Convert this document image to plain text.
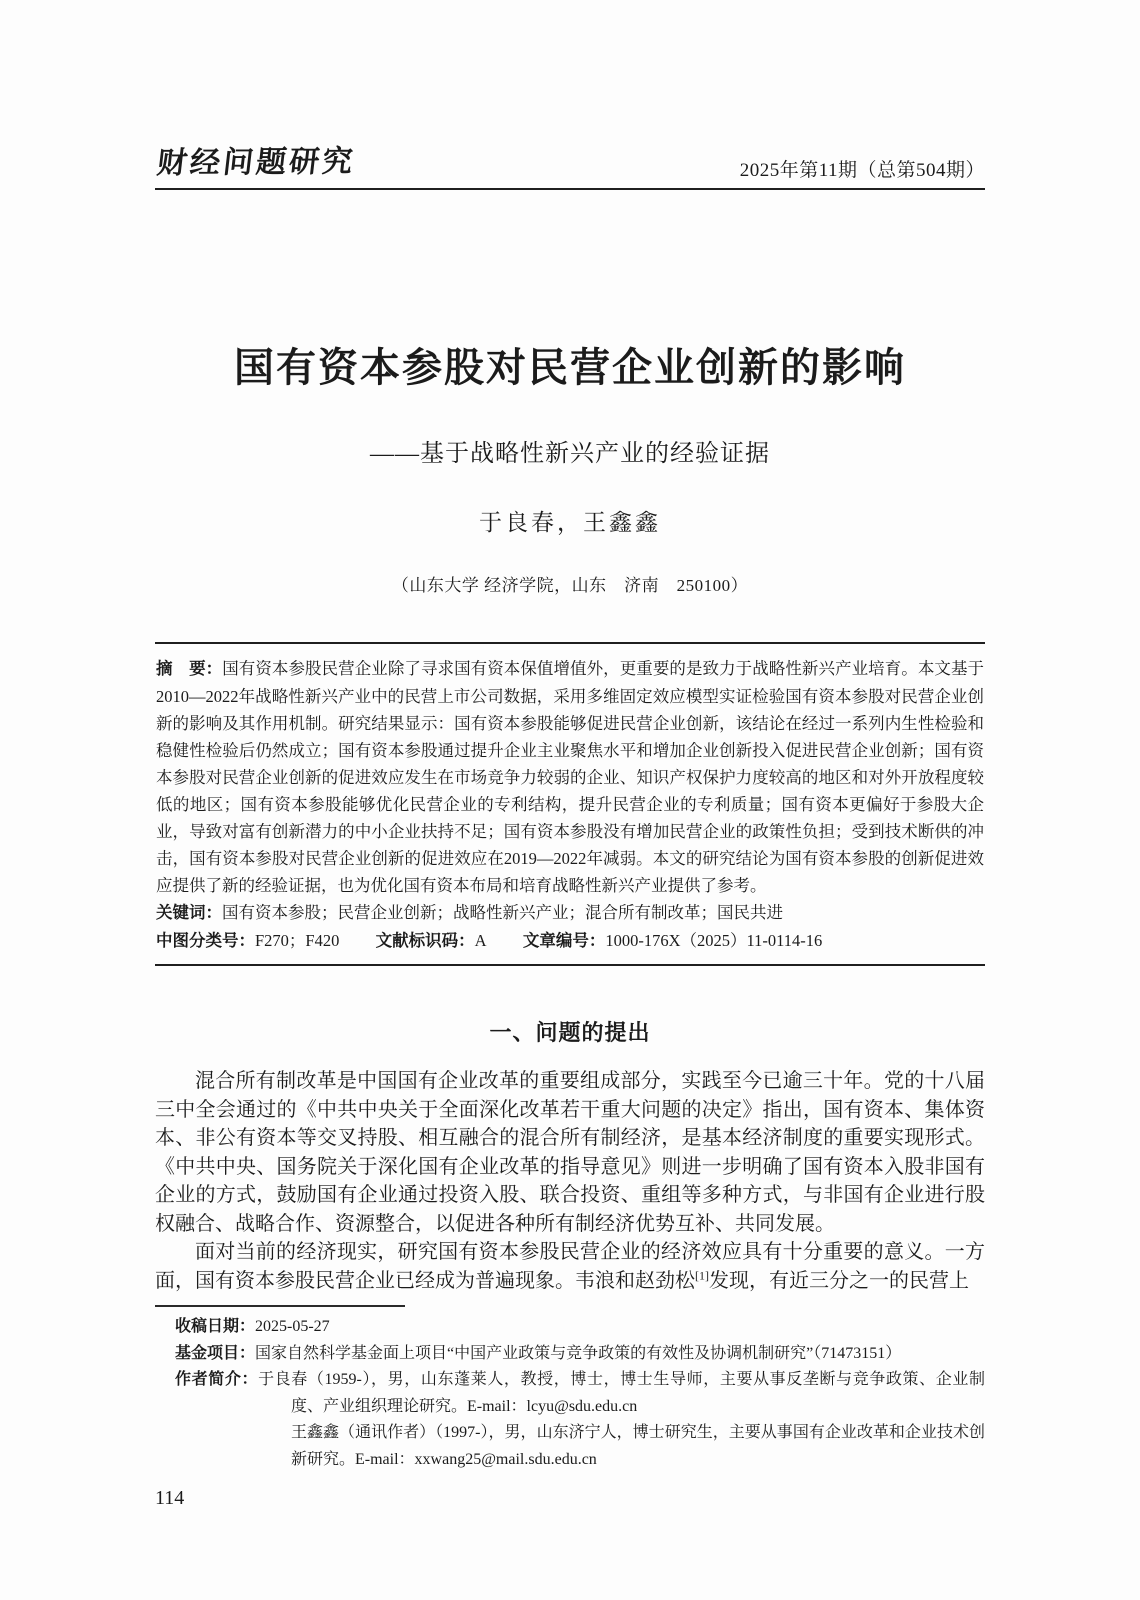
财经问题研究	2025年第11期（总第504期）
国有资本参股对民营企业创新的影响
——基于战略性新兴产业的经验证据
于良春，王鑫鑫
（山东大学 经济学院，山东　济南　250100）

摘　要：国有资本参股民营企业除了寻求国有资本保值增值外，更重要的是致力于战略性新兴产业培育。本文基于2010—2022年战略性新兴产业中的民营上市公司数据，采用多维固定效应模型实证检验国有资本参股对民营企业创新的影响及其作用机制。研究结果显示：国有资本参股能够促进民营企业创新，该结论在经过一系列内生性检验和稳健性检验后仍然成立；国有资本参股通过提升企业主业聚焦水平和增加企业创新投入促进民营企业创新；国有资本参股对民营企业创新的促进效应发生在市场竞争力较弱的企业、知识产权保护力度较高的地区和对外开放程度较低的地区；国有资本参股能够优化民营企业的专利结构，提升民营企业的专利质量；国有资本更偏好于参股大企业，导致对富有创新潜力的中小企业扶持不足；国有资本参股没有增加民营企业的政策性负担；受到技术断供的冲击，国有资本参股对民营企业创新的促进效应在2019—2022年减弱。本文的研究结论为国有资本参股的创新促进效应提供了新的经验证据，也为优化国有资本布局和培育战略性新兴产业提供了参考。

关键词：国有资本参股；民营企业创新；战略性新兴产业；混合所有制改革；国民共进

中图分类号：F270；F420 文献标识码：A 文章编号：1000-176X（2025）11-0114-16

一、问题的提出

混合所有制改革是中国国有企业改革的重要组成部分，实践至今已逾三十年。党的十八届三中全会通过的《中共中央关于全面深化改革若干重大问题的决定》指出，国有资本、集体资本、非公有资本等交叉持股、相互融合的混合所有制经济，是基本经济制度的重要实现形式。《中共中央、国务院关于深化国有企业改革的指导意见》则进一步明确了国有资本入股非国有企业的方式，鼓励国有企业通过投资入股、联合投资、重组等多种方式，与非国有企业进行股权融合、战略合作、资源整合，以促进各种所有制经济优势互补、共同发展。

面对当前的经济现实，研究国有资本参股民营企业的经济效应具有十分重要的意义。一方面，国有资本参股民营企业已经成为普遍现象。韦浪和赵劲松[1]发现，有近三分之一的民营上

收稿日期：2025-05-27
基金项目：国家自然科学基金面上项目“中国产业政策与竞争政策的有效性及协调机制研究”（71473151）
作者简介：于良春（1959-），男，山东蓬莱人，教授，博士，博士生导师，主要从事反垄断与竞争政策、企业制度、产业组织理论研究。E-mail：lcyu@sdu.edu.cn
王鑫鑫（通讯作者）（1997-），男，山东济宁人，博士研究生，主要从事国有企业改革和企业技术创新研究。E-mail：xxwang25@mail.sdu.edu.cn
114
